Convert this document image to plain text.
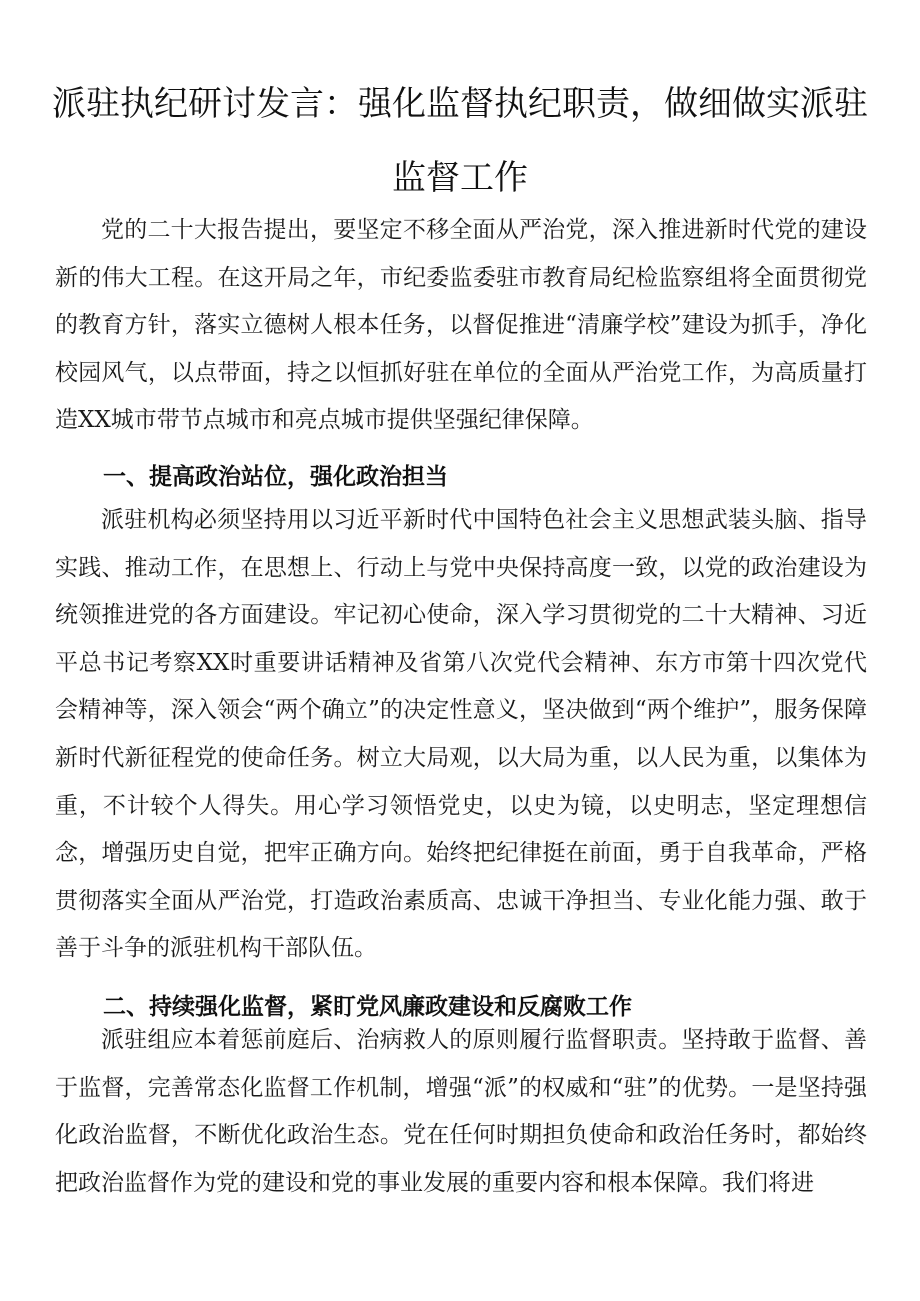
派驻执纪研讨发言：强化监督执纪职责，做细做实派驻
监督工作

党的二十大报告提出，要坚定不移全面从严治党，深入推进新时代党的建设新的伟大工程。在这开局之年，市纪委监委驻市教育局纪检监察组将全面贯彻党的教育方针，落实立德树人根本任务，以督促推进“清廉学校”建设为抓手，净化校园风气，以点带面，持之以恒抓好驻在单位的全面从严治党工作，为高质量打造XX城市带节点城市和亮点城市提供坚强纪律保障。

一、提高政治站位，强化政治担当

派驻机构必须坚持用以习近平新时代中国特色社会主义思想武装头脑、指导实践、推动工作，在思想上、行动上与党中央保持高度一致，以党的政治建设为统领推进党的各方面建设。牢记初心使命，深入学习贯彻党的二十大精神、习近平总书记考察XX时重要讲话精神及省第八次党代会精神、东方市第十四次党代会精神等，深入领会“两个确立”的决定性意义，坚决做到“两个维护”，服务保障新时代新征程党的使命任务。树立大局观，以大局为重，以人民为重，以集体为重，不计较个人得失。用心学习领悟党史，以史为镜，以史明志，坚定理想信念，增强历史自觉，把牢正确方向。始终把纪律挺在前面，勇于自我革命，严格贯彻落实全面从严治党，打造政治素质高、忠诚干净担当、专业化能力强、敢于善于斗争的派驻机构干部队伍。

二、持续强化监督，紧盯党风廉政建设和反腐败工作

派驻组应本着惩前庭后、治病救人的原则履行监督职责。坚持敢于监督、善于监督，完善常态化监督工作机制，增强“派”的权威和“驻”的优势。一是坚持强化政治监督，不断优化政治生态。党在任何时期担负使命和政治任务时，都始终把政治监督作为党的建设和党的事业发展的重要内容和根本保障。我们将进
